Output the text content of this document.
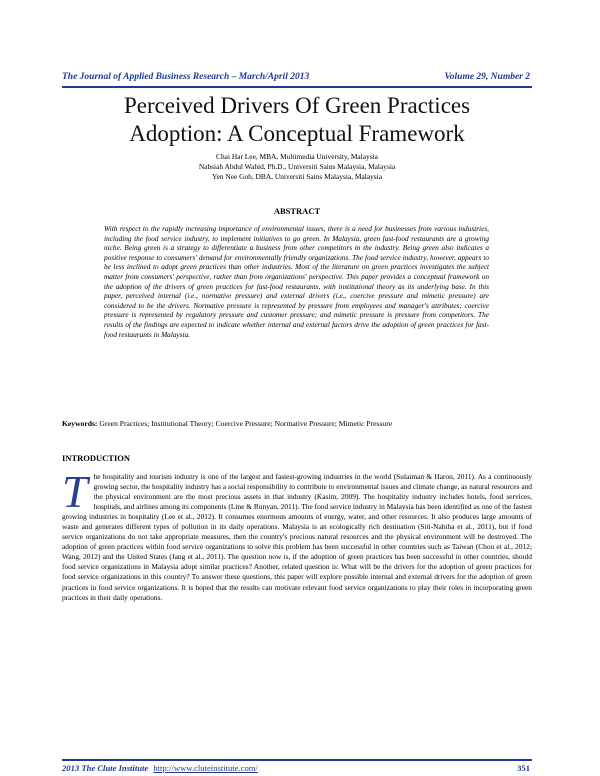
The Journal of Applied Business Research – March/April 2013	Volume 29, Number 2
Perceived Drivers Of Green Practices
Adoption: A Conceptual Framework
Chai Har Lee, MBA, Multimedia University, Malaysia
Nabsiah Abdul Wahid, Ph.D., Universiti Sains Malaysia, Malaysia
Yen Nee Goh, DBA, Universiti Sains Malaysia, Malaysia
ABSTRACT
With respect to the rapidly increasing importance of environmental issues, there is a need for businesses from various industries, including the food service industry, to implement initiatives to go green. In Malaysia, green fast-food restaurants are a growing niche. Being green is a strategy to differentiate a business from other competitors in the industry. Being green also indicates a positive response to consumers' demand for environmentally friendly organizations. The food service industry, however, appears to be less inclined to adopt green practices than other industries. Most of the literature on green practices investigates the subject matter from consumers' perspective, rather than from organizations' perspective. This paper provides a conceptual framework on the adoption of the drivers of green practices for fast-food restaurants, with institutional theory as its underlying base. In this paper, perceived internal (i.e., normative pressure) and external drivers (i.e., coercive pressure and mimetic pressure) are considered to be the drivers. Normative pressure is represented by pressure from employees and manager's attributes; coercive pressure is represented by regulatory pressure and customer pressure; and mimetic pressure is pressure from competitors. The results of the findings are expected to indicate whether internal and external factors drive the adoption of green practices for fast-food restaurants in Malaysia.
Keywords: Green Practices; Institutional Theory; Coercive Pressure; Normative Pressure; Mimetic Pressure
INTRODUCTION
T he hospitality and tourism industry is one of the largest and fastest-growing industries in the world (Sulaiman & Haron, 2011). As a continuously growing sector, the hospitality industry has a social responsibility to contribute to environmental issues and climate change, as natural resources and the physical environment are the most precious assets in that industry (Kasim, 2009). The hospitality industry includes hotels, food services, hospitals, and airlines among its components (Line & Runyan, 2011). The food service industry in Malaysia has been identified as one of the fastest growing industries in hospitality (Lee et al., 2012). It consumes enormous amounts of energy, water, and other resources. It also produces large amounts of waste and generates different types of pollution in its daily operations. Malaysia is an ecologically rich destination (Siti-Nabiha et al., 2011), but if food service organizations do not take appropriate measures, then the country's precious natural resources and the physical environment will be destroyed. The adoption of green practices within food service organizations to solve this problem has been successful in other countries such as Taiwan (Chou et al., 2012; Wang, 2012) and the United States (Jang et al., 2011). The question now is, if the adoption of green practices has been successful in other countries, should food service organizations in Malaysia adopt similar practices? Another, related question is: What will be the drivers for the adoption of green practices for food service organizations in this country? To answer these questions, this paper will explore possible internal and external drivers for the adoption of green practices in food service organizations. It is hoped that the results can motivate relevant food service organizations to play their roles in incorporating green practices in their daily operations.
2013 The Clute Institute http://www.cluteinstitute.com/	351
